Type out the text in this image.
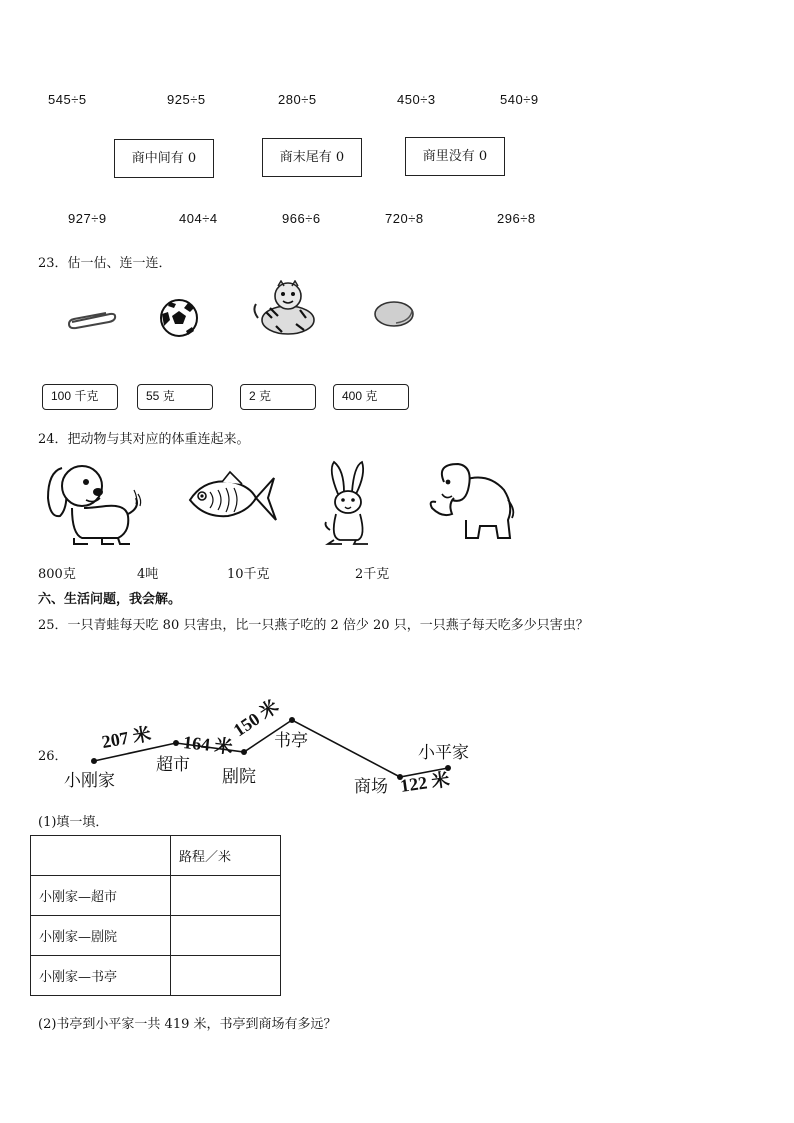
545÷5	925÷5	280÷5	450÷3	540÷9
商中间有 0	商末尾有 0	商里没有 0
927÷9	404÷4	966÷6	720÷8	296÷8
23．估一估、连一连．
100 千克	55 克	2 克	400 克
24．把动物与其对应的体重连起来。
800克	4吨	10千克	2千克
六、生活问题，我会解。
25．一只青蛙每天吃 80 只害虫，比一只燕子吃的 2 倍少 20 只，一只燕子每天吃多少只害虫？
26．
小刚家
超市
剧院
书亭
商场
小平家
207 米 164 米
150 米
122 米
(1)填一填．
	路程／米
小刚家—超市	
小刚家—剧院	
小刚家—书亭	
(2)书亭到小平家一共 419 米，书亭到商场有多远？
